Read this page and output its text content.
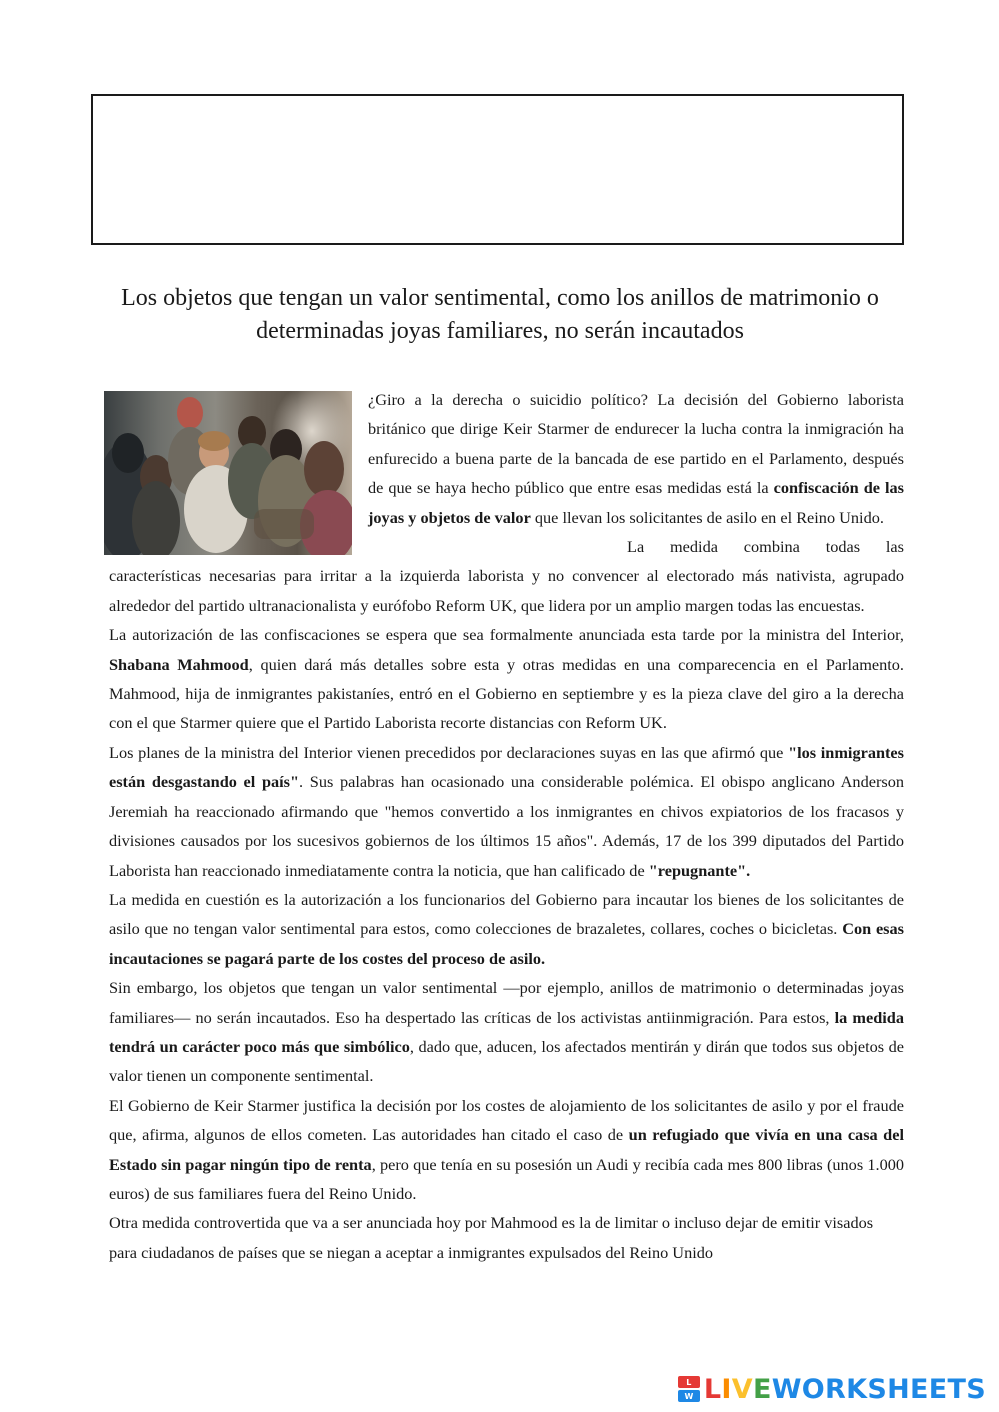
Los objetos que tengan un valor sentimental, como los anillos de matrimonio o determinadas joyas familiares, no serán incautados

¿Giro a la derecha o suicidio político? La decisión del Gobierno laborista británico que dirige Keir Starmer de endurecer la lucha contra la inmigración ha enfurecido a buena parte de la bancada de ese partido en el Parlamento, después de que se haya hecho público que entre esas medidas está la confiscación de las joyas y objetos de valor que llevan los solicitantes de asilo en el Reino Unido.

La medida combina todas las características necesarias para irritar a la izquierda laborista y no convencer al electorado más nativista, agrupado alrededor del partido ultranacionalista y eurófobo Reform UK, que lidera por un amplio margen todas las encuestas.

La autorización de las confiscaciones se espera que sea formalmente anunciada esta tarde por la ministra del Interior, Shabana Mahmood, quien dará más detalles sobre esta y otras medidas en una comparecencia en el Parlamento. Mahmood, hija de inmigrantes pakistaníes, entró en el Gobierno en septiembre y es la pieza clave del giro a la derecha con el que Starmer quiere que el Partido Laborista recorte distancias con Reform UK.

Los planes de la ministra del Interior vienen precedidos por declaraciones suyas en las que afirmó que "los inmigrantes están desgastando el país". Sus palabras han ocasionado una considerable polémica. El obispo anglicano Anderson Jeremiah ha reaccionado afirmando que "hemos convertido a los inmigrantes en chivos expiatorios de los fracasos y divisiones causados por los sucesivos gobiernos de los últimos 15 años". Además, 17 de los 399 diputados del Partido Laborista han reaccionado inmediatamente contra la noticia, que han calificado de "repugnante".

La medida en cuestión es la autorización a los funcionarios del Gobierno para incautar los bienes de los solicitantes de asilo que no tengan valor sentimental para estos, como colecciones de brazaletes, collares, coches o bicicletas. Con esas incautaciones se pagará parte de los costes del proceso de asilo.

Sin embargo, los objetos que tengan un valor sentimental —por ejemplo, anillos de matrimonio o determinadas joyas familiares— no serán incautados. Eso ha despertado las críticas de los activistas antiinmigración. Para estos, la medida tendrá un carácter poco más que simbólico, dado que, aducen, los afectados mentirán y dirán que todos sus objetos de valor tienen un componente sentimental.

El Gobierno de Keir Starmer justifica la decisión por los costes de alojamiento de los solicitantes de asilo y por el fraude que, afirma, algunos de ellos cometen. Las autoridades han citado el caso de un refugiado que vivía en una casa del Estado sin pagar ningún tipo de renta, pero que tenía en su posesión un Audi y recibía cada mes 800 libras (unos 1.000 euros) de sus familiares fuera del Reino Unido.

Otra medida controvertida que va a ser anunciada hoy por Mahmood es la de limitar o incluso dejar de emitir visados para ciudadanos de países que se niegan a aceptar a inmigrantes expulsados del Reino Unido

L
W LIVEWORKSHEETS
